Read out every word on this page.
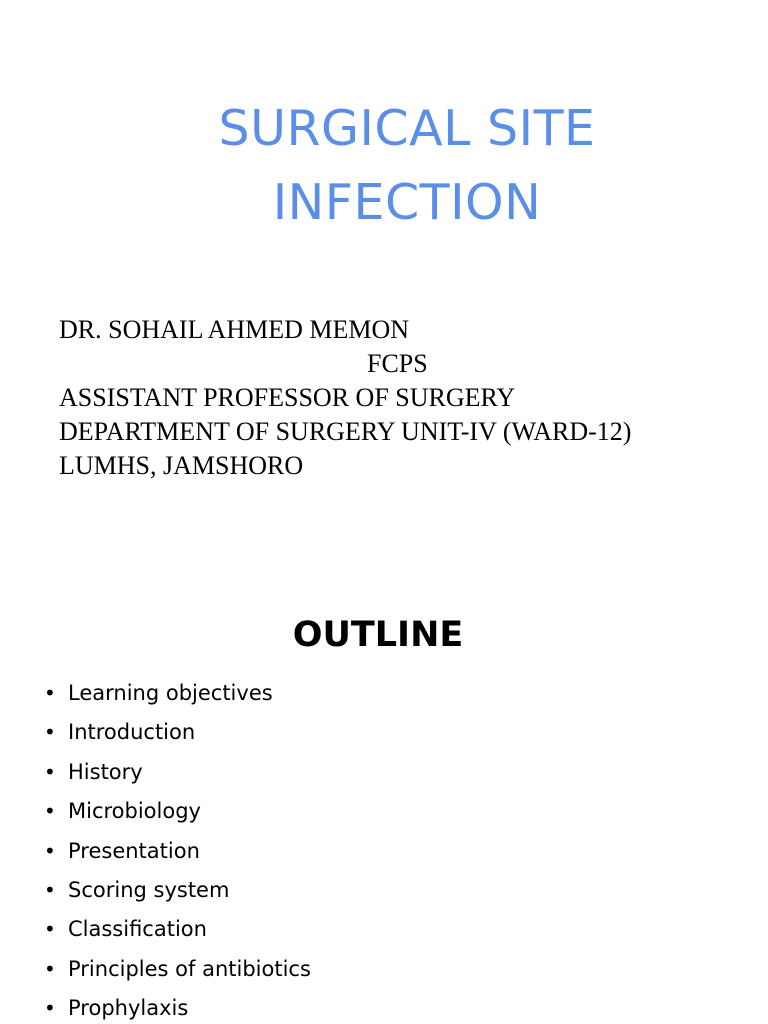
SURGICAL SITE
INFECTION
DR. SOHAIL AHMED MEMON
FCPS
ASSISTANT PROFESSOR OF SURGERY
DEPARTMENT OF SURGERY UNIT-IV (WARD-12)
LUMHS, JAMSHORO
OUTLINE
• Learning objectives
• Introduction
• History
• Microbiology
• Presentation
• Scoring system
• Classification
• Principles of antibiotics
• Prophylaxis
